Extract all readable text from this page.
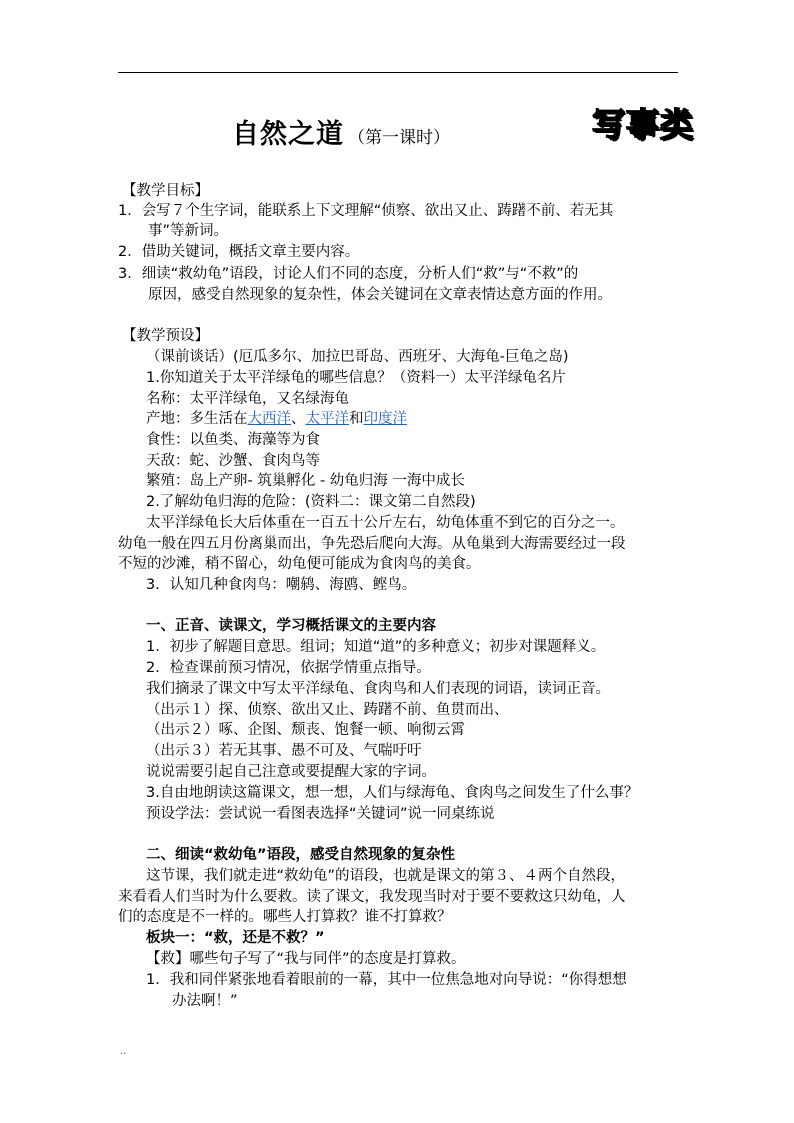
自然之道 （第一课时）	写事类
【教学目标】
1．会写７个生字词，能联系上下文理解“侦察、欲出又止、踌躇不前、若无其
事”等新词。
2．借助关键词，概括文章主要内容。
3．细读“救幼龟”语段，讨论人们不同的态度，分析人们“救”与“不救”的
原因，感受自然现象的复杂性，体会关键词在文章表情达意方面的作用。
【教学预设】
（课前谈话）(厄瓜多尔、加拉巴哥岛、西班牙、大海龟-巨龟之岛)
1.你知道关于太平洋绿龟的哪些信息？（资料一）太平洋绿龟名片
名称：太平洋绿龟，又名绿海龟
产地：多生活在大西洋、太平洋和印度洋
食性：以鱼类、海藻等为食
天敌：蛇、沙蟹、食肉鸟等
繁殖：岛上产卵- 筑巢孵化 - 幼龟归海 一海中成长
2.了解幼龟归海的危险：(资料二：课文第二自然段)
太平洋绿龟长大后体重在一百五十公斤左右，幼龟体重不到它的百分之一。
幼龟一般在四五月份离巢而出，争先恐后爬向大海。从龟巢到大海需要经过一段
不短的沙滩，稍不留心，幼龟便可能成为食肉鸟的美食。
3．认知几种食肉鸟：嘲鸫、海鸥、鲣鸟。
一、正音、读课文，学习概括课文的主要内容
1．初步了解题目意思。组词；知道“道”的多种意义；初步对课题释义。
2．检查课前预习情况，依据学情重点指导。
我们摘录了课文中写太平洋绿龟、食肉鸟和人们表现的词语，读词正音。
（出示１）探、侦察、欲出又止、踌躇不前、鱼贯而出、
（出示２）啄、企图、颓丧、饱餐一顿、响彻云霄
（出示３）若无其事、愚不可及、气喘吁吁
说说需要引起自己注意或要提醒大家的字词。
3.自由地朗读这篇课文，想一想，人们与绿海龟、食肉鸟之间发生了什么事？
预设学法：尝试说一看图表选择“关键词”说一同桌练说
二、细读“救幼龟”语段，感受自然现象的复杂性
这节课，我们就走进“救幼龟”的语段，也就是课文的第３、４两个自然段，
来看看人们当时为什么要救。读了课文，我发现当时对于要不要救这只幼龟，人
们的态度是不一样的。哪些人打算救？谁不打算救？
板块一：“救，还是不救？”
【救】哪些句子写了“我与同伴”的态度是打算救。
1．我和同伴紧张地看着眼前的一幕，其中一位焦急地对向导说：“你得想想
办法啊！”
..
